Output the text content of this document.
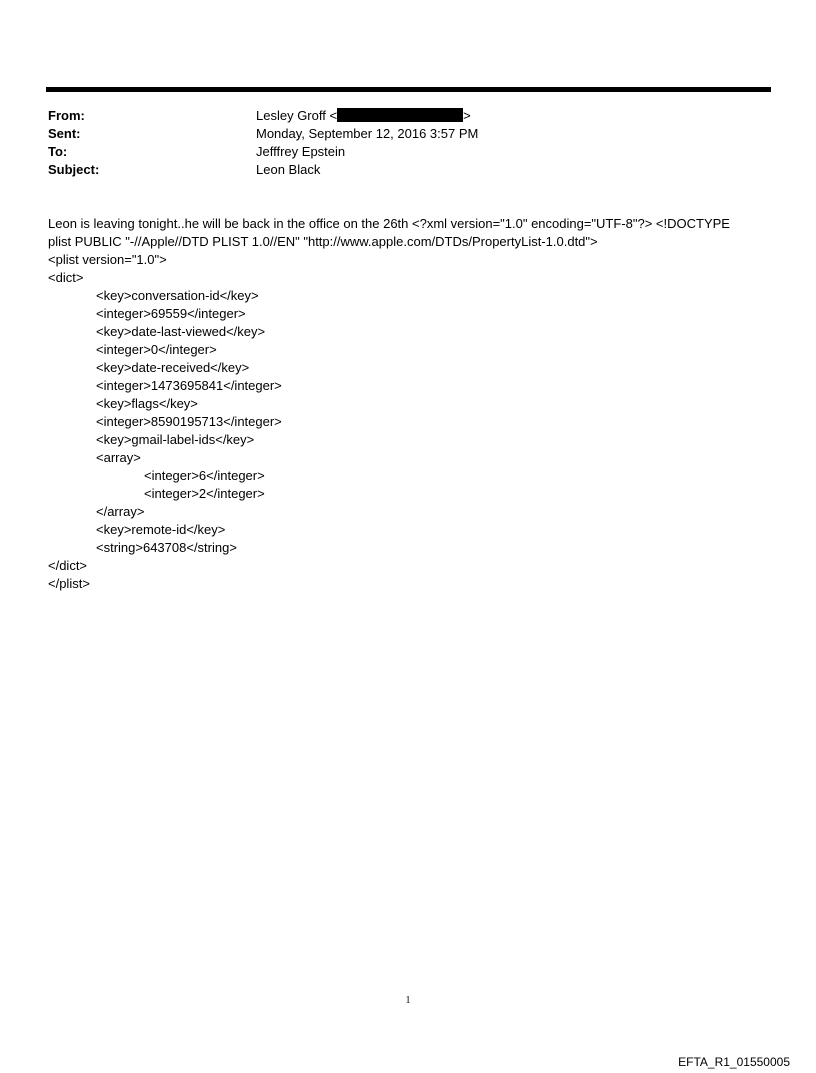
From:	Lesley Groff <	>
Sent:	Monday, September 12, 2016 3:57 PM
To:	Jefffrey Epstein
Subject:	Leon Black
Leon is leaving tonight..he will be back in the office on the 26th <?xml version="1.0" encoding="UTF-8"?> <!DOCTYPE
plist PUBLIC "-//Apple//DTD PLIST 1.0//EN" "http://www.apple.com/DTDs/PropertyList-1.0.dtd">
<plist version="1.0">
<dict>
<key>conversation-id</key>
<integer>69559</integer>
<key>date-last-viewed</key>
<integer>0</integer>
<key>date-received</key>
<integer>1473695841</integer>
<key>flags</key>
<integer>8590195713</integer>
<key>gmail-label-ids</key>
<array>
<integer>6</integer>
<integer>2</integer>
</array>
<key>remote-id</key>
<string>643708</string>
</dict>
</plist>
1
EFTA_R1_01550005
